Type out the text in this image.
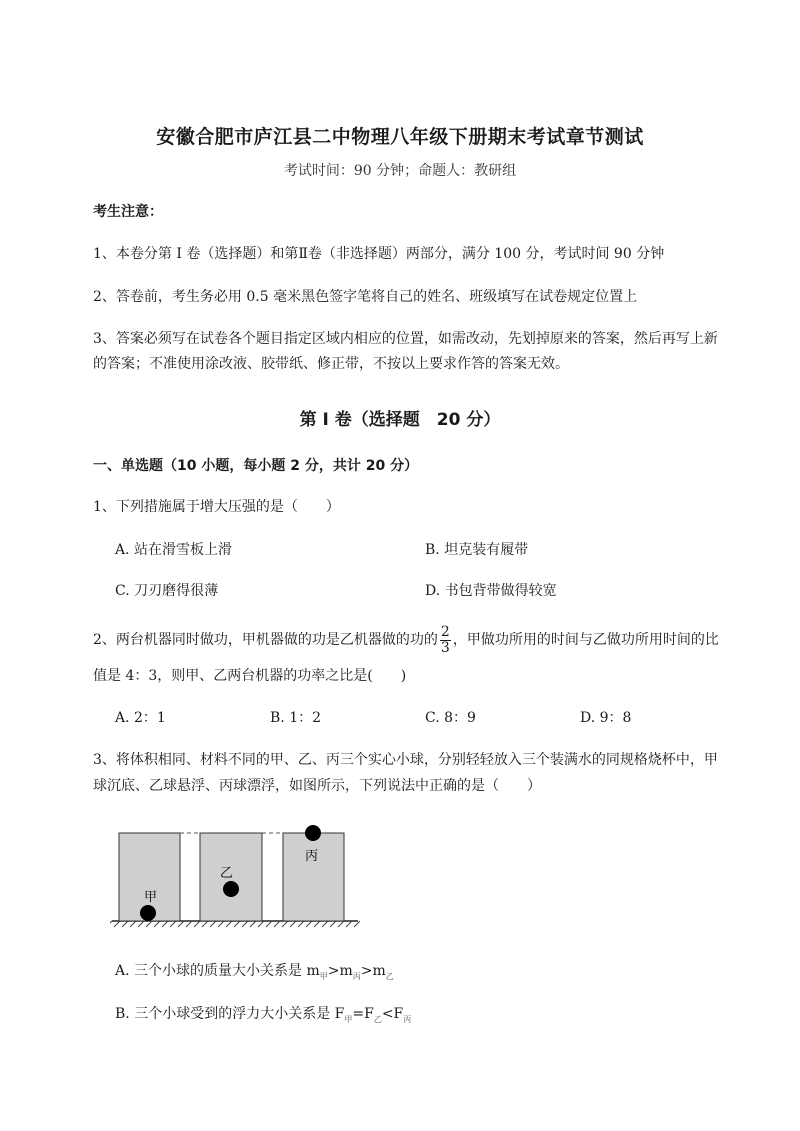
安徽合肥市庐江县二中物理八年级下册期末考试章节测试
考试时间：90 分钟；命题人：教研组
考生注意：
1、本卷分第 I 卷（选择题）和第Ⅱ卷（非选择题）两部分，满分 100 分，考试时间 90 分钟
2、答卷前，考生务必用 0.5 毫米黑色签字笔将自己的姓名、班级填写在试卷规定位置上
3、答案必须写在试卷各个题目指定区域内相应的位置，如需改动，先划掉原来的答案，然后再写上新
的答案；不准使用涂改液、胶带纸、修正带，不按以上要求作答的答案无效。
第 I 卷（选择题　20 分）
一、单选题（10 小题，每小题 2 分，共计 20 分）
1、下列措施属于增大压强的是（　　）
A. 站在滑雪板上滑	B. 坦克装有履带
C. 刀刃磨得很薄	D. 书包背带做得较宽
2、两台机器同时做功，甲机器做的功是乙机器做的功的 $\frac{2}{3}$ ，甲做功所用的时间与乙做功所用时间的比
值是 4：3，则甲、乙两台机器的功率之比是(　　)
A. 2：1	B. 1：2	C. 8：9	D. 9：8
3、将体积相同、材料不同的甲、乙、丙三个实心小球，分别轻轻放入三个装满水的同规格烧杯中，甲
球沉底、乙球悬浮、丙球漂浮，如图所示，下列说法中正确的是（　　）
甲
乙
丙
A. 三个小球的质量大小关系是 $m_甲>m_丙>m_乙$
B. 三个小球受到的浮力大小关系是 $F_甲=F_乙<F_丙$
